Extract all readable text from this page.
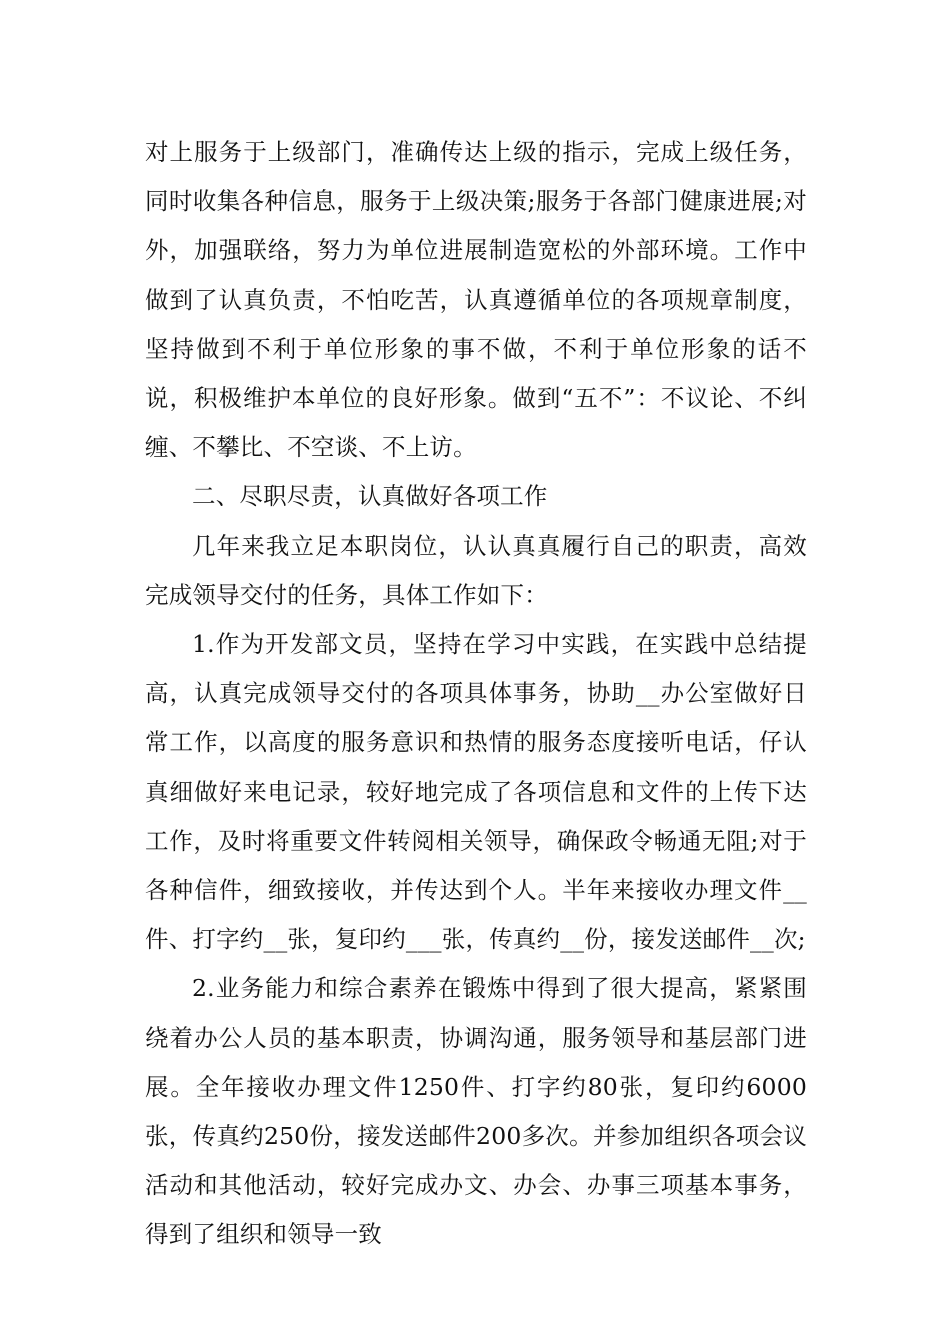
对上服务于上级部门，准确传达上级的指示，完成上级任务，同时收集各种信息，服务于上级决策;服务于各部门健康进展;对外，加强联络，努力为单位进展制造宽松的外部环境。工作中做到了认真负责，不怕吃苦，认真遵循单位的各项规章制度，坚持做到不利于单位形象的事不做，不利于单位形象的话不说，积极维护本单位的良好形象。做到“五不”：不议论、不纠缠、不攀比、不空谈、不上访。

二、尽职尽责，认真做好各项工作

几年来我立足本职岗位，认认真真履行自己的职责，高效完成领导交付的任务，具体工作如下：

1.作为开发部文员，坚持在学习中实践，在实践中总结提高，认真完成领导交付的各项具体事务，协助__办公室做好日常工作，以高度的服务意识和热情的服务态度接听电话，仔认真细做好来电记录，较好地完成了各项信息和文件的上传下达工作，及时将重要文件转阅相关领导，确保政令畅通无阻;对于各种信件，细致接收，并传达到个人。半年来接收办理文件__件、打字约__张，复印约___张，传真约__份，接发送邮件__次;

2.业务能力和综合素养在锻炼中得到了很大提高，紧紧围绕着办公人员的基本职责，协调沟通，服务领导和基层部门进展。全年接收办理文件1250件、打字约80张，复印约6000张，传真约250份，接发送邮件200多次。并参加组织各项会议活动和其他活动，较好完成办文、办会、办事三项基本事务，得到了组织和领导一致
